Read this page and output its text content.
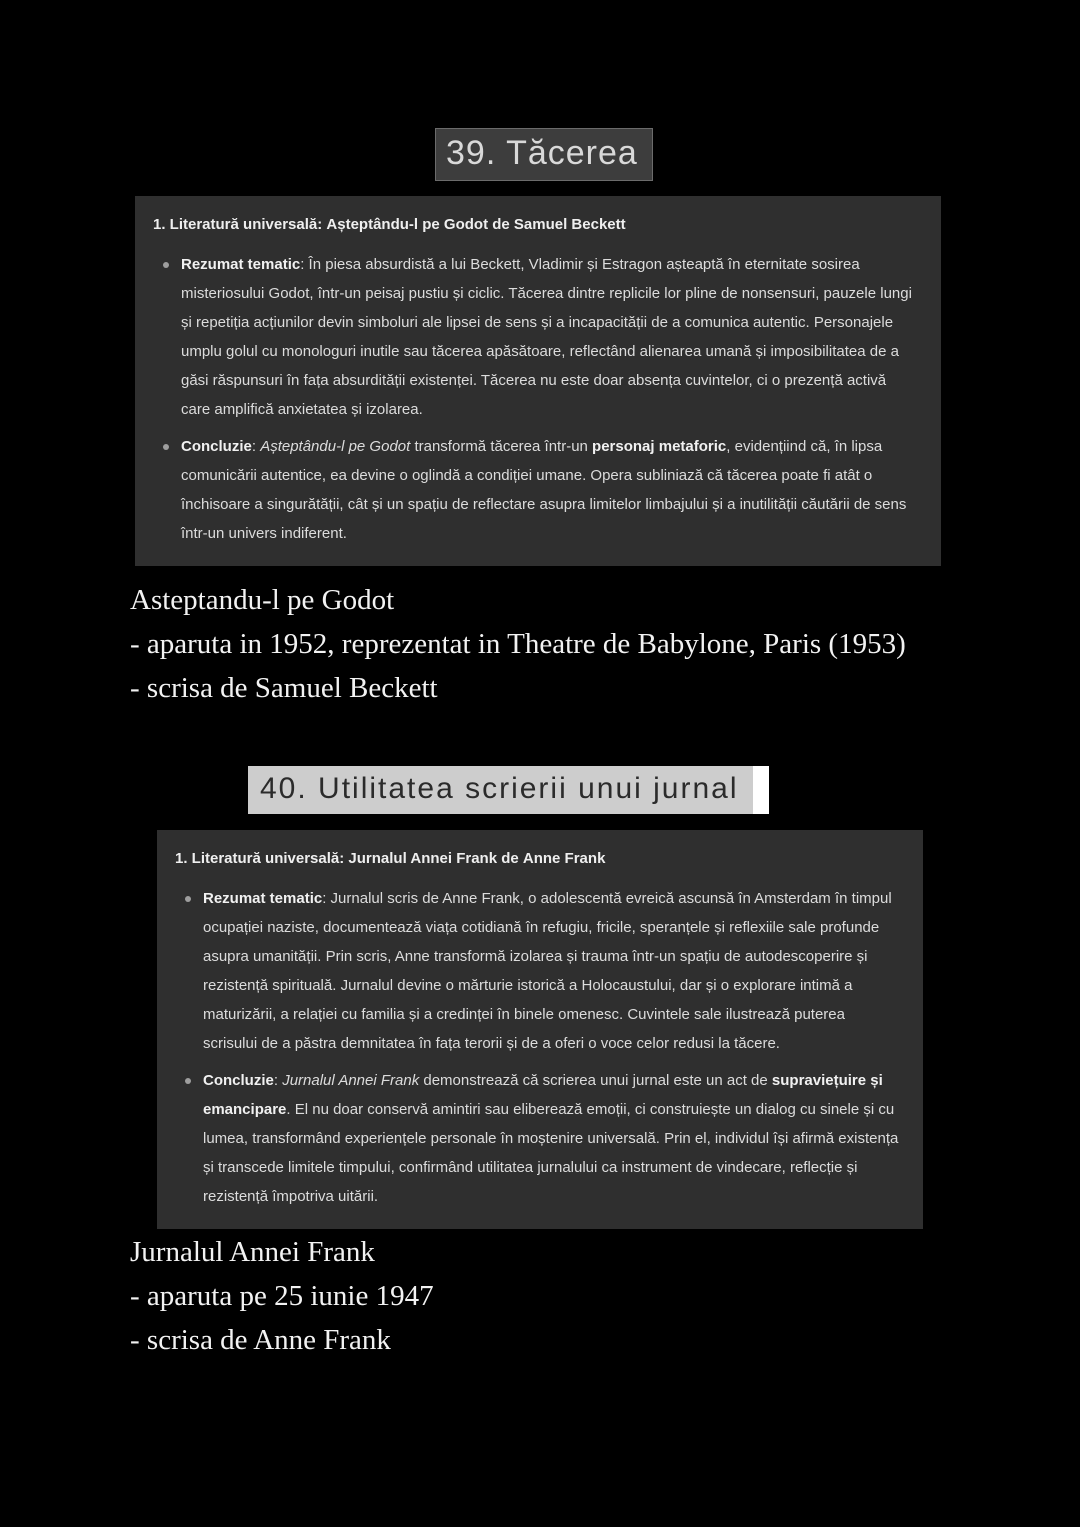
39. Tăcerea
1. Literatură universală: Așteptându-l pe Godot de Samuel Beckett

Rezumat tematic: În piesa absurdistă a lui Beckett, Vladimir și Estragon așteaptă în eternitate sosirea misteriosului Godot, într-un peisaj pustiu și ciclic. Tăcerea dintre replicile lor pline de nonsensuri, pauzele lungi și repetiția acțiunilor devin simboluri ale lipsei de sens și a incapacității de a comunica autentic. Personajele umplu golul cu monologuri inutile sau tăcerea apăsătoare, reflectând alienarea umană și imposibilitatea de a găsi răspunsuri în fața absurdității existenței. Tăcerea nu este doar absența cuvintelor, ci o prezență activă care amplifică anxietatea și izolarea.

Concluzie: Așteptându-l pe Godot transformă tăcerea într-un personaj metaforic, evidențiind că, în lipsa comunicării autentice, ea devine o oglindă a condiției umane. Opera subliniază că tăcerea poate fi atât o închisoare a singurătății, cât și un spațiu de reflectare asupra limitelor limbajului și a inutilității căutării de sens într-un univers indiferent.

Asteptandu-l pe Godot
- aparuta in 1952, reprezentat in Theatre de Babylone, Paris (1953)
- scrisa de Samuel Beckett
40. Utilitatea scrierii unui jurnal
1. Literatură universală: Jurnalul Annei Frank de Anne Frank

Rezumat tematic: Jurnalul scris de Anne Frank, o adolescentă evreică ascunsă în Amsterdam în timpul ocupației naziste, documentează viața cotidiană în refugiu, fricile, speranțele și reflexiile sale profunde asupra umanității. Prin scris, Anne transformă izolarea și trauma într-un spațiu de autodescoperire și rezistență spirituală. Jurnalul devine o mărturie istorică a Holocaustului, dar și o explorare intimă a maturizării, a relației cu familia și a credinței în binele omenesc. Cuvintele sale ilustrează puterea scrisului de a păstra demnitatea în fața terorii și de a oferi o voce celor redusi la tăcere.

Concluzie: Jurnalul Annei Frank demonstrează că scrierea unui jurnal este un act de supraviețuire și emancipare. El nu doar conservă amintiri sau eliberează emoții, ci construiește un dialog cu sinele și cu lumea, transformând experiențele personale în moștenire universală. Prin el, individul își afirmă existența și transcede limitele timpului, confirmând utilitatea jurnalului ca instrument de vindecare, reflecție și rezistență împotriva uitării.

Jurnalul Annei Frank
- aparuta pe 25 iunie 1947
- scrisa de Anne Frank
